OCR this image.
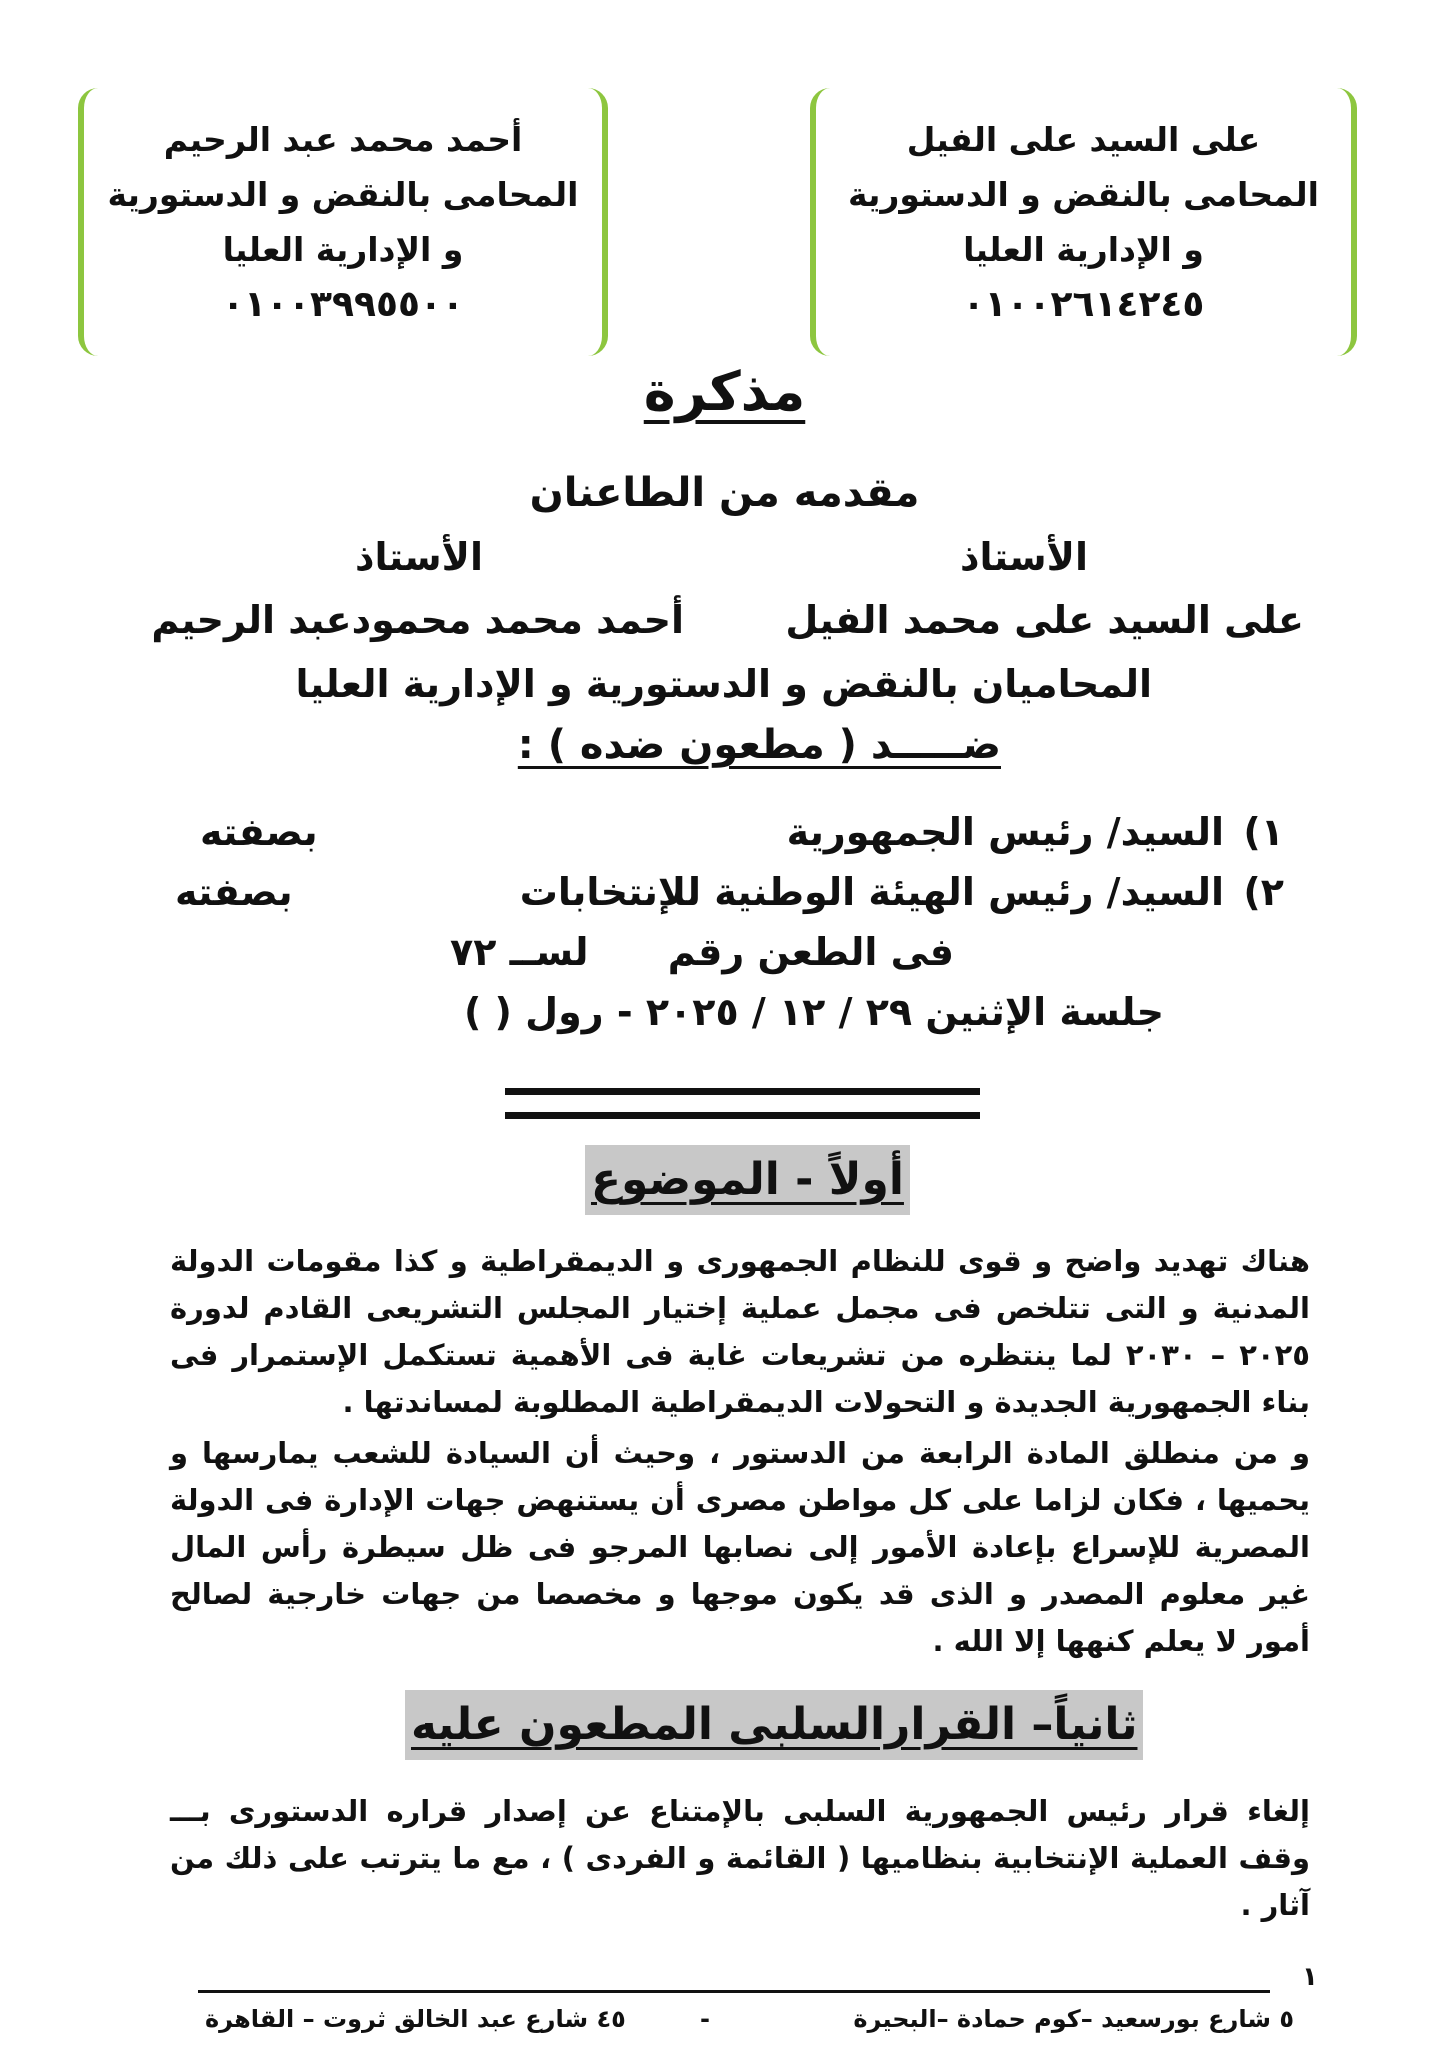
على السيد على الفيل
المحامى بالنقض و الدستورية
و الإدارية العليا
٠١٠٠٢٦١٤٢٤٥
أحمد محمد عبد الرحيم
المحامى بالنقض و الدستورية
و الإدارية العليا
٠١٠٠٣٩٩٥٥٠٠
مذكرة
مقدمه من الطاعنان
الأستاذ
الأستاذ
على السيد على محمد الفيل
أحمد محمد محمودعبد الرحيم
المحاميان بالنقض و الدستورية و الإدارية العليا
ضـــــد ( مطعون ضده ) :
١)
السيد/ رئيس الجمهورية
بصفته
٢)
السيد/ رئيس الهيئة الوطنية للإنتخابات
بصفته
فى الطعن رقم
لســ ٧٢
جلسة الإثنين ٢٩ / ١٢ / ٢٠٢٥ - رول ( )
أولاً - الموضوع
هناك تهديد واضح و قوى للنظام الجمهورى و الديمقراطية و كذا مقومات الدولة المدنية و التى تتلخص فى مجمل عملية إختيار المجلس التشريعى القادم لدورة ٢٠٢٥ – ٢٠٣٠ لما ينتظره من تشريعات غاية فى الأهمية تستكمل الإستمرار فى بناء الجمهورية الجديدة و التحولات الديمقراطية المطلوبة لمساندتها .
و من منطلق المادة الرابعة من الدستور ، وحيث أن السيادة للشعب يمارسها و يحميها ، فكان لزاما على كل مواطن مصرى أن يستنهض جهات الإدارة فى الدولة المصرية للإسراع بإعادة الأمور إلى نصابها المرجو فى ظل سيطرة رأس المال غير معلوم المصدر و الذى قد يكون موجها و مخصصا من جهات خارجية لصالح أمور لا يعلم كنهها إلا الله .
ثانياً– القرارالسلبى المطعون عليه
إلغاء قرار رئيس الجمهورية السلبى بالإمتناع عن إصدار قراره الدستورى بـــ وقف العملية الإنتخابية بنظاميها ( القائمة و الفردى ) ، مع ما يترتب على ذلك من آثار .
١
٥ شارع بورسعيد –كوم حمادة –البحيرة
-
٤٥ شارع عبد الخالق ثروت – القاهرة
